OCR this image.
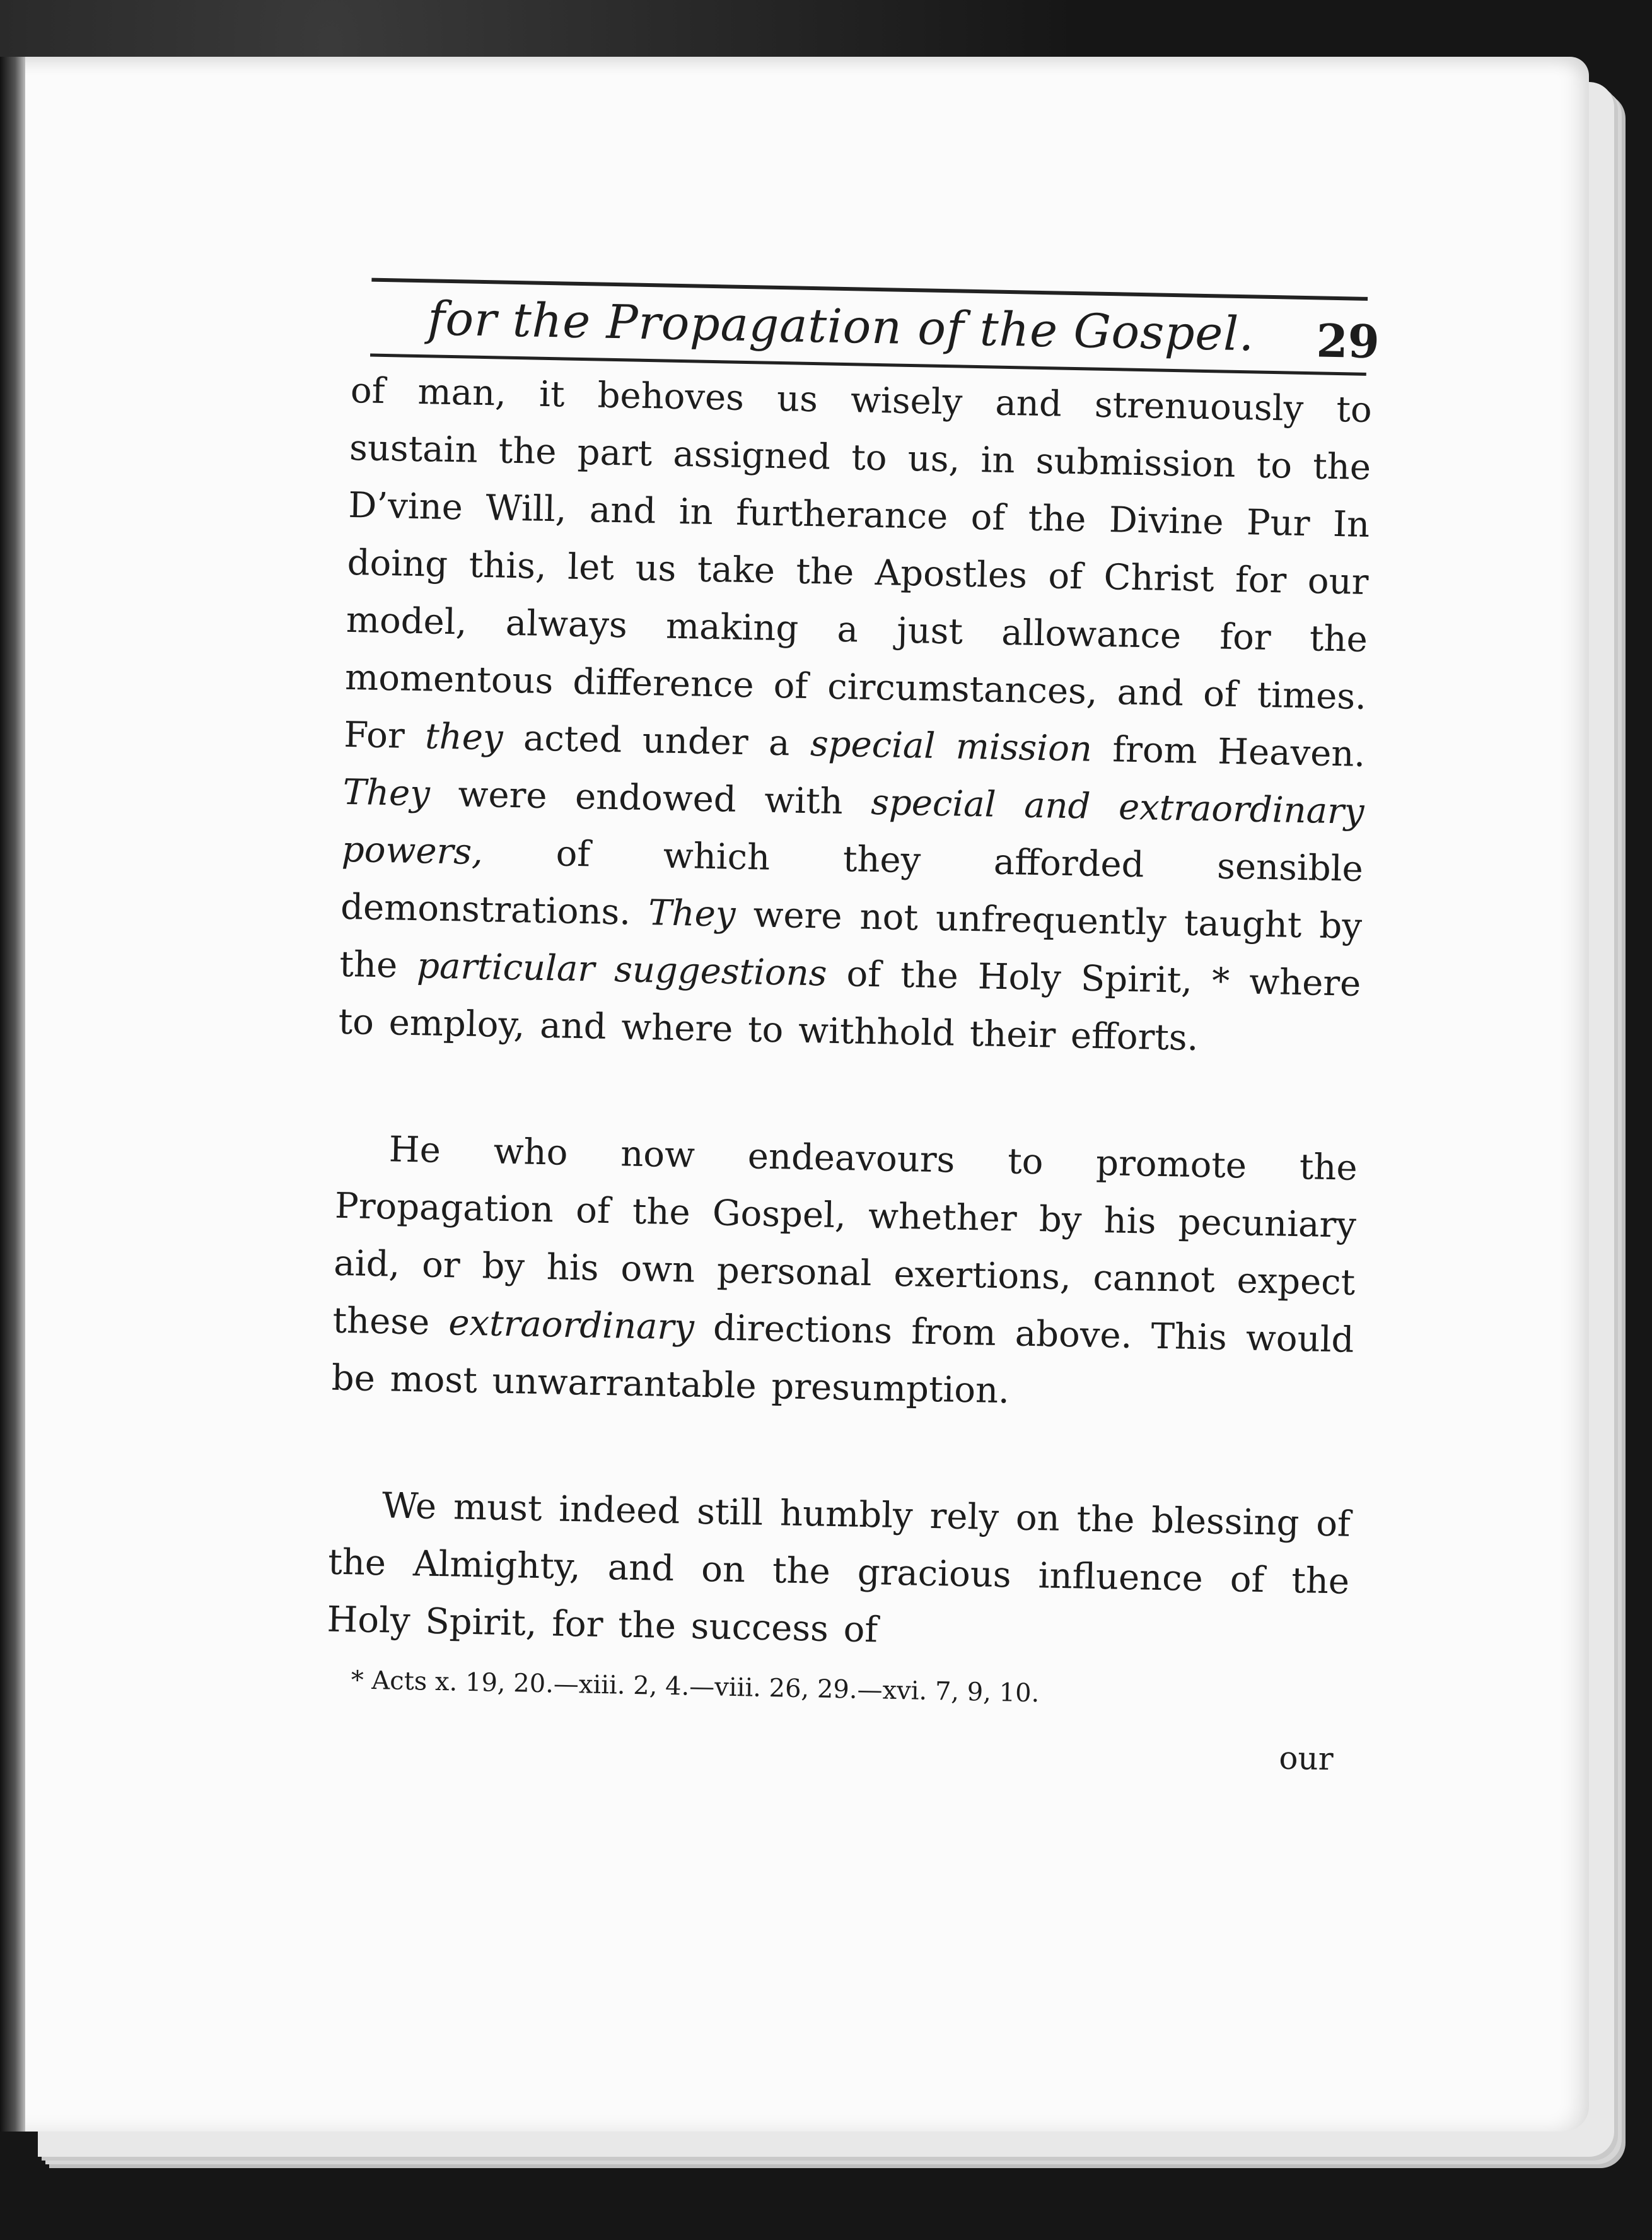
for the Propagation of the Gospel. 29

of man, it behoves us wisely and strenuously to sustain the part assigned to us, in submission to the D’vine Will, and in furtherance of the Divine Pur In doing this, let us take the Apostles of Christ for our model, always making a just allowance for the momentous difference of circumstances, and of times. For they acted under a special mission from Heaven. They were endowed with special and extraordinary powers, of which they afforded sensible demonstrations. They were not unfrequently taught by the particular suggestions of the Holy Spirit, * where to employ, and where to withhold their efforts.

He who now endeavours to promote the Propagation of the Gospel, whether by his pecuniary aid, or by his own personal exertions, cannot expect these extraordinary directions from above. This would be most unwarrantable presumption.

We must indeed still humbly rely on the blessing of the Almighty, and on the gracious influence of the Holy Spirit, for the success of

* Acts x. 19, 20.—xiii. 2, 4.—viii. 26, 29.—xvi. 7, 9, 10.
our
